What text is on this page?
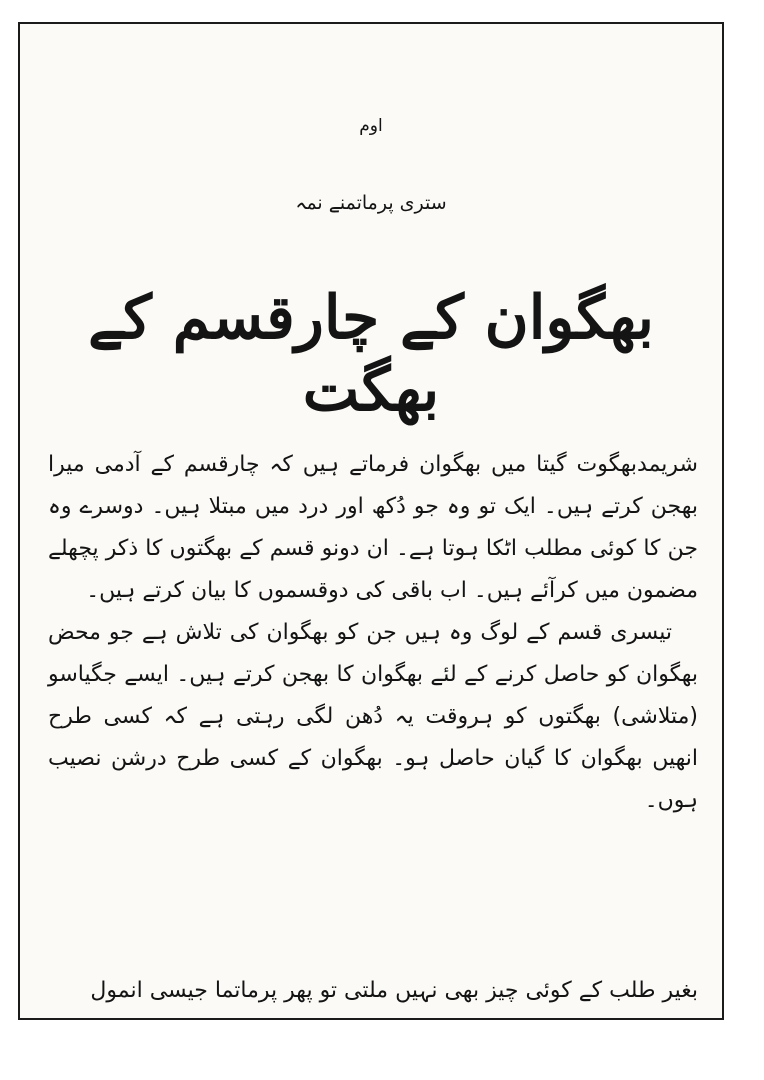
اوم
ستری پرماتمنے نمہ
بھگوان کے چارقسم کے بھگت

شریمدبھگوت گیتا میں بھگوان فرماتے ہیں کہ چارقسم کے آدمی میرا بھجن کرتے ہیں۔ ایک تو وہ جو دُکھ اور درد میں مبتلا ہیں۔ دوسرے وہ جن کا کوئی مطلب اٹکا ہوتا ہے۔ ان دونو قسم کے بھگتوں کا ذکر پچھلے مضمون میں کرآئے ہیں۔ اب باقی کی دوقسموں کا بیان کرتے ہیں۔

تیسری قسم کے لوگ وہ ہیں جن کو بھگوان کی تلاش ہے جو محض بھگوان کو حاصل کرنے کے لئے بھگوان کا بھجن کرتے ہیں۔ ایسے جگیاسو (متلاشی) بھگتوں کو ہروقت یہ دُھن لگی رہتی ہے کہ کسی طرح انھیں بھگوان کا گیان حاصل ہو۔ بھگوان کے کسی طرح درشن نصیب ہوں۔

بغیر طلب کے کوئی چیز بھی نہیں ملتی تو پھر پرماتما جیسی انمول
